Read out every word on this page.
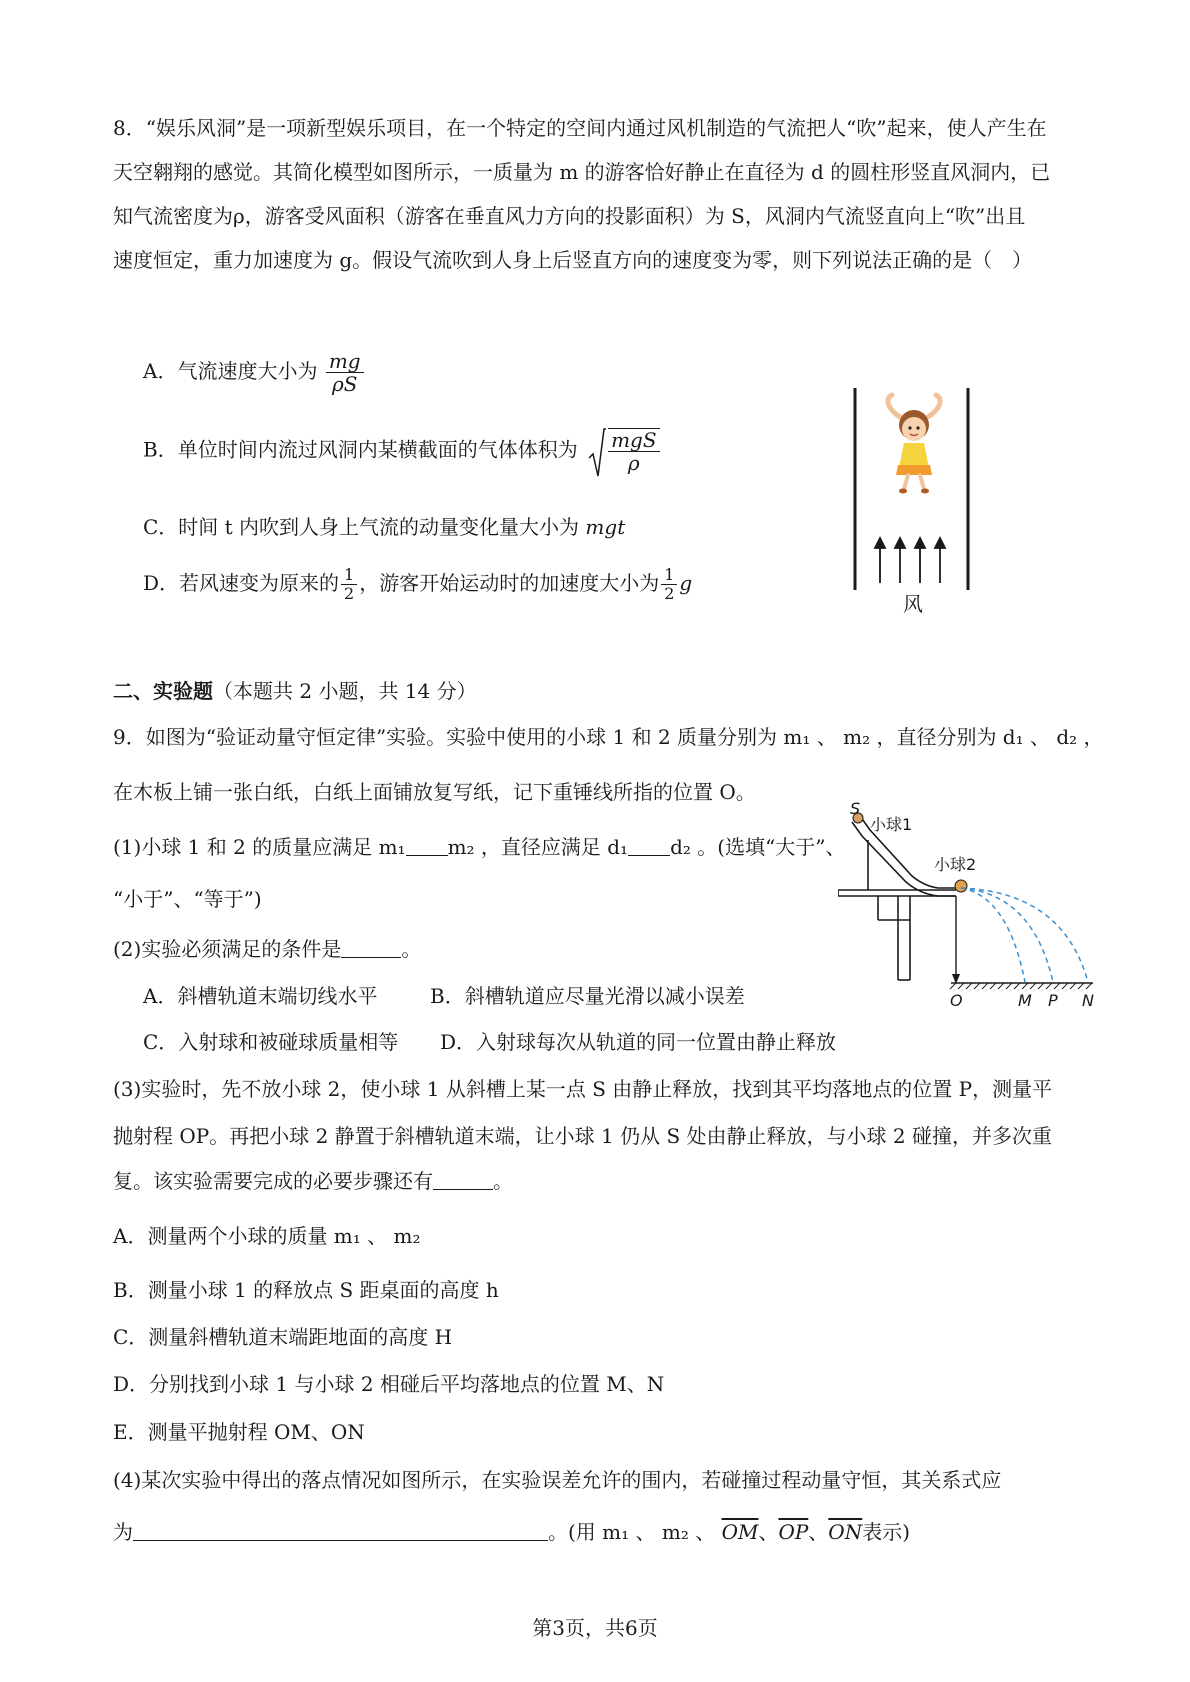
8．“娱乐风洞”是一项新型娱乐项目，在一个特定的空间内通过风机制造的气流把人“吹”起来，使人产生在
天空翱翔的感觉。其简化模型如图所示，一质量为 m 的游客恰好静止在直径为 d 的圆柱形竖直风洞内，已
知气流密度为ρ，游客受风面积（游客在垂直风力方向的投影面积）为 S，风洞内气流竖直向上“吹”出且
速度恒定，重力加速度为 g。假设气流吹到人身上后竖直方向的速度变为零，则下列说法正确的是（　）
A．气流速度大小为 $\frac{mg}{\rho S}$
B．单位时间内流过风洞内某横截面的气体体积为 $\frac{\text{mgS}}{\rho}$
C．时间 t 内吹到人身上气流的动量变化量大小为 mgt
D．若风速变为原来的 $\frac{1}{2}$ ，游客开始运动时的加速度大小为 $\frac{1}{2}$ g
风
二、实验题（本题共 2 小题，共 14 分）
9．如图为“验证动量守恒定律”实验。实验中使用的小球 1 和 2 质量分别为 m₁ 、 m₂ ，直径分别为 d₁ 、 d₂ ，
在木板上铺一张白纸，白纸上面铺放复写纸，记下重锤线所指的位置 O。
(1)小球 1 和 2 的质量应满足 m₁ m₂ ，直径应满足 d₁ d₂ 。(选填“大于”、
“小于”、“等于”)
(2)实验必须满足的条件是	。
A．斜槽轨道末端切线水平	B．斜槽轨道应尽量光滑以减小误差
C．入射球和被碰球质量相等 D．入射球每次从轨道的同一位置由静止释放
(3)实验时，先不放小球 2，使小球 1 从斜槽上某一点 S 由静止释放，找到其平均落地点的位置 P，测量平
抛射程 OP。再把小球 2 静置于斜槽轨道末端，让小球 1 仍从 S 处由静止释放，与小球 2 碰撞，并多次重
复。该实验需要完成的必要步骤还有	。
A．测量两个小球的质量 m₁ 、 m₂
B．测量小球 1 的释放点 S 距桌面的高度 h
C．测量斜槽轨道末端距地面的高度 H
D．分别找到小球 1 与小球 2 相碰后平均落地点的位置 M、N
E．测量平抛射程 OM、ON
(4)某次实验中得出的落点情况如图所示，在实验误差允许的围内，若碰撞过程动量守恒，其关系式应
为	。(用 m₁ 、 m₂ 、 $\overline{OM}$、$\overline{OP}$、$\overline{ON}$表示)
S
小球1
小球2
O	M P N
第3页，共6页
